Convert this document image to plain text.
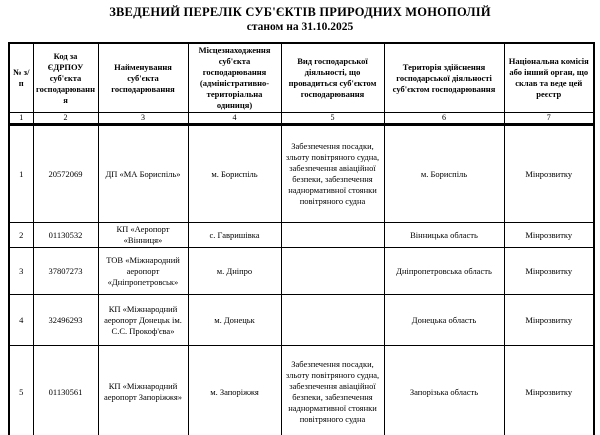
ЗВЕДЕНИЙ ПЕРЕЛІК СУБ'ЄКТІВ ПРИРОДНИХ МОНОПОЛІЙ
станом на 31.10.2025
№ з/п	Код за ЄДРПОУ суб'єкта господарювання	Найменування суб'єкта господарювання	Місцезнаходження суб'єкта господарювання (адміністративно-територіальна одиниця)	Вид господарської діяльності, що провадиться суб'єктом господарювання	Територія здійснення господарської діяльності суб'єктом господарювання	Національна комісія або інший орган, що склав та веде цей реєстр
1	2	3	4	5	6	7
1	20572069	ДП «МА Бориспіль»	м. Бориспіль	Забезпечення посадки, зльоту повітряного судна, забезпечення авіаційної безпеки, забезпечення наднормативної стоянки повітряного судна	м. Бориспіль	Мінрозвитку
2	01130532	КП «Аеропорт «Вінниця»	с. Гавришівка		Вінницька область	Мінрозвитку
3	37807273	ТОВ «Міжнародний аеропорт «Дніпропетровськ»	м. Дніпро		Дніпропетровська область	Мінрозвитку
4	32496293	КП «Міжнародний аеропорт Донецьк ім. С.С. Прокоф'єва»	м. Донецьк		Донецька область	Мінрозвитку
5	01130561	КП «Міжнародний аеропорт Запоріжжя»	м. Запоріжжя	Забезпечення посадки, зльоту повітряного судна, забезпечення авіаційної безпеки, забезпечення наднормативної стоянки повітряного судна	Запорізька область	Мінрозвитку
